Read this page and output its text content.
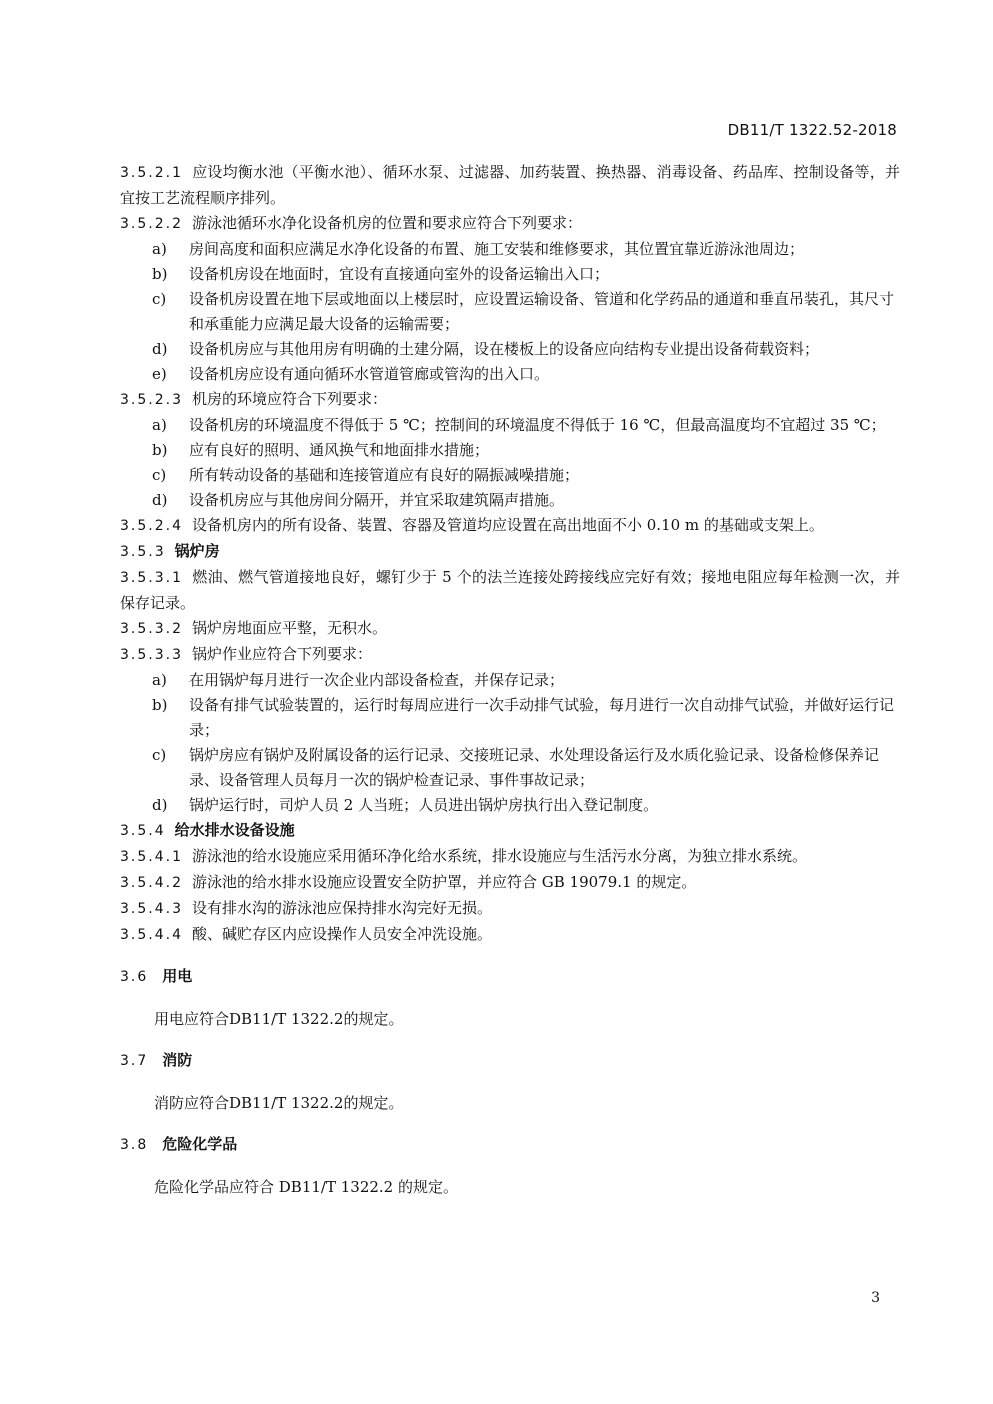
DB11/T 1322.52-2018
3.5.2.1 应设均衡水池（平衡水池）、循环水泵、过滤器、加药装置、换热器、消毒设备、药品库、控制设备等，并宜按工艺流程顺序排列。
3.5.2.2 游泳池循环水净化设备机房的位置和要求应符合下列要求：
a) 房间高度和面积应满足水净化设备的布置、施工安装和维修要求，其位置宜靠近游泳池周边；
b) 设备机房设在地面时，宜设有直接通向室外的设备运输出入口；
c) 设备机房设置在地下层或地面以上楼层时，应设置运输设备、管道和化学药品的通道和垂直吊装孔，其尺寸和承重能力应满足最大设备的运输需要；
d) 设备机房应与其他用房有明确的土建分隔，设在楼板上的设备应向结构专业提出设备荷载资料；
e) 设备机房应设有通向循环水管道管廊或管沟的出入口。
3.5.2.3 机房的环境应符合下列要求：
a) 设备机房的环境温度不得低于 5 ℃；控制间的环境温度不得低于 16 ℃，但最高温度均不宜超过 35 ℃；
b) 应有良好的照明、通风换气和地面排水措施；
c) 所有转动设备的基础和连接管道应有良好的隔振减噪措施；
d) 设备机房应与其他房间分隔开，并宜采取建筑隔声措施。
3.5.2.4 设备机房内的所有设备、装置、容器及管道均应设置在高出地面不小 0.10 m 的基础或支架上。
3.5.3 锅炉房
3.5.3.1 燃油、燃气管道接地良好，螺钉少于 5 个的法兰连接处跨接线应完好有效；接地电阻应每年检测一次，并保存记录。
3.5.3.2 锅炉房地面应平整，无积水。
3.5.3.3 锅炉作业应符合下列要求：
a) 在用锅炉每月进行一次企业内部设备检查，并保存记录；
b) 设备有排气试验装置的，运行时每周应进行一次手动排气试验，每月进行一次自动排气试验，并做好运行记录；
c) 锅炉房应有锅炉及附属设备的运行记录、交接班记录、水处理设备运行及水质化验记录、设备检修保养记录、设备管理人员每月一次的锅炉检查记录、事件事故记录；
d) 锅炉运行时，司炉人员 2 人当班；人员进出锅炉房执行出入登记制度。
3.5.4 给水排水设备设施
3.5.4.1 游泳池的给水设施应采用循环净化给水系统，排水设施应与生活污水分离，为独立排水系统。
3.5.4.2 游泳池的给水排水设施应设置安全防护罩，并应符合 GB 19079.1 的规定。
3.5.4.3 设有排水沟的游泳池应保持排水沟完好无损。
3.5.4.4 酸、碱贮存区内应设操作人员安全冲洗设施。
3.6 用电
用电应符合DB11/T 1322.2的规定。
3.7 消防
消防应符合DB11/T 1322.2的规定。
3.8 危险化学品
危险化学品应符合 DB11/T 1322.2 的规定。
3
